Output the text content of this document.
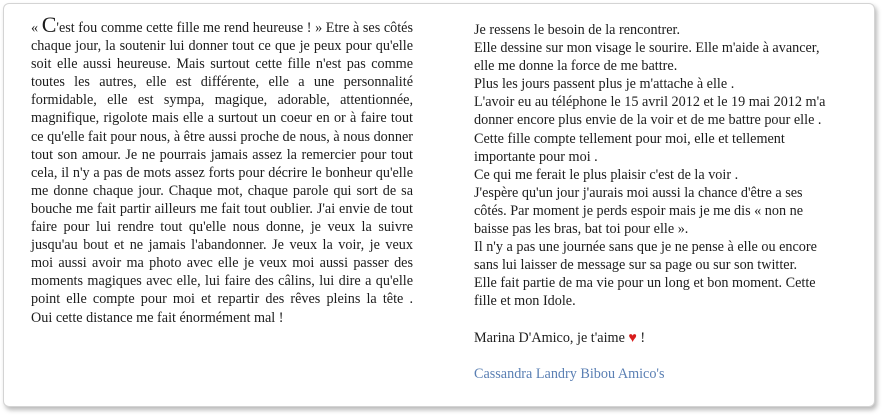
« C'est fou comme cette fille me rend heureuse ! » Etre à ses côtés chaque jour, la soutenir lui donner tout ce que je peux pour qu'elle soit elle aussi heureuse. Mais surtout cette fille n'est pas comme toutes les autres, elle est différente, elle a une personnalité formidable, elle est sympa, magique, adorable, attentionnée, magnifique, rigolote mais elle a surtout un coeur en or à faire tout ce qu'elle fait pour nous, à être aussi proche de nous, à nous donner tout son amour. Je ne pourrais jamais assez la remercier pour tout cela, il n'y a pas de mots assez forts pour décrire le bonheur qu'elle me donne chaque jour. Chaque mot, chaque parole qui sort de sa bouche me fait partir ailleurs me fait tout oublier. J'ai envie de tout faire pour lui rendre tout qu'elle nous donne, je veux la suivre jusqu'au bout et ne jamais l'abandonner. Je veux la voir, je veux moi aussi avoir ma photo avec elle je veux moi aussi passer des moments magiques avec elle, lui faire des câlins, lui dire a qu'elle point elle compte pour moi et repartir des rêves pleins la tête .
Oui cette distance me fait énormément mal !
Je ressens le besoin de la rencontrer.
Elle dessine sur mon visage le sourire. Elle m'aide à avancer,
elle me donne la force de me battre.
Plus les jours passent plus je m'attache à elle .
L'avoir eu au téléphone le 15 avril 2012 et le 19 mai 2012 m'a
donner encore plus envie de la voir et de me battre pour elle .
Cette fille compte tellement pour moi, elle et tellement
importante pour moi .
Ce qui me ferait le plus plaisir c'est de la voir .
J'espère qu'un jour j'aurais moi aussi la chance d'être a ses
côtés. Par moment je perds espoir mais je me dis « non ne
baisse pas les bras, bat toi pour elle ».
Il n'y a pas une journée sans que je ne pense à elle ou encore
sans lui laisser de message sur sa page ou sur son twitter.
Elle fait partie de ma vie pour un long et bon moment. Cette
fille et mon Idole.
Marina D'Amico, je t'aime ♥ !
Cassandra Landry Bibou Amico's
